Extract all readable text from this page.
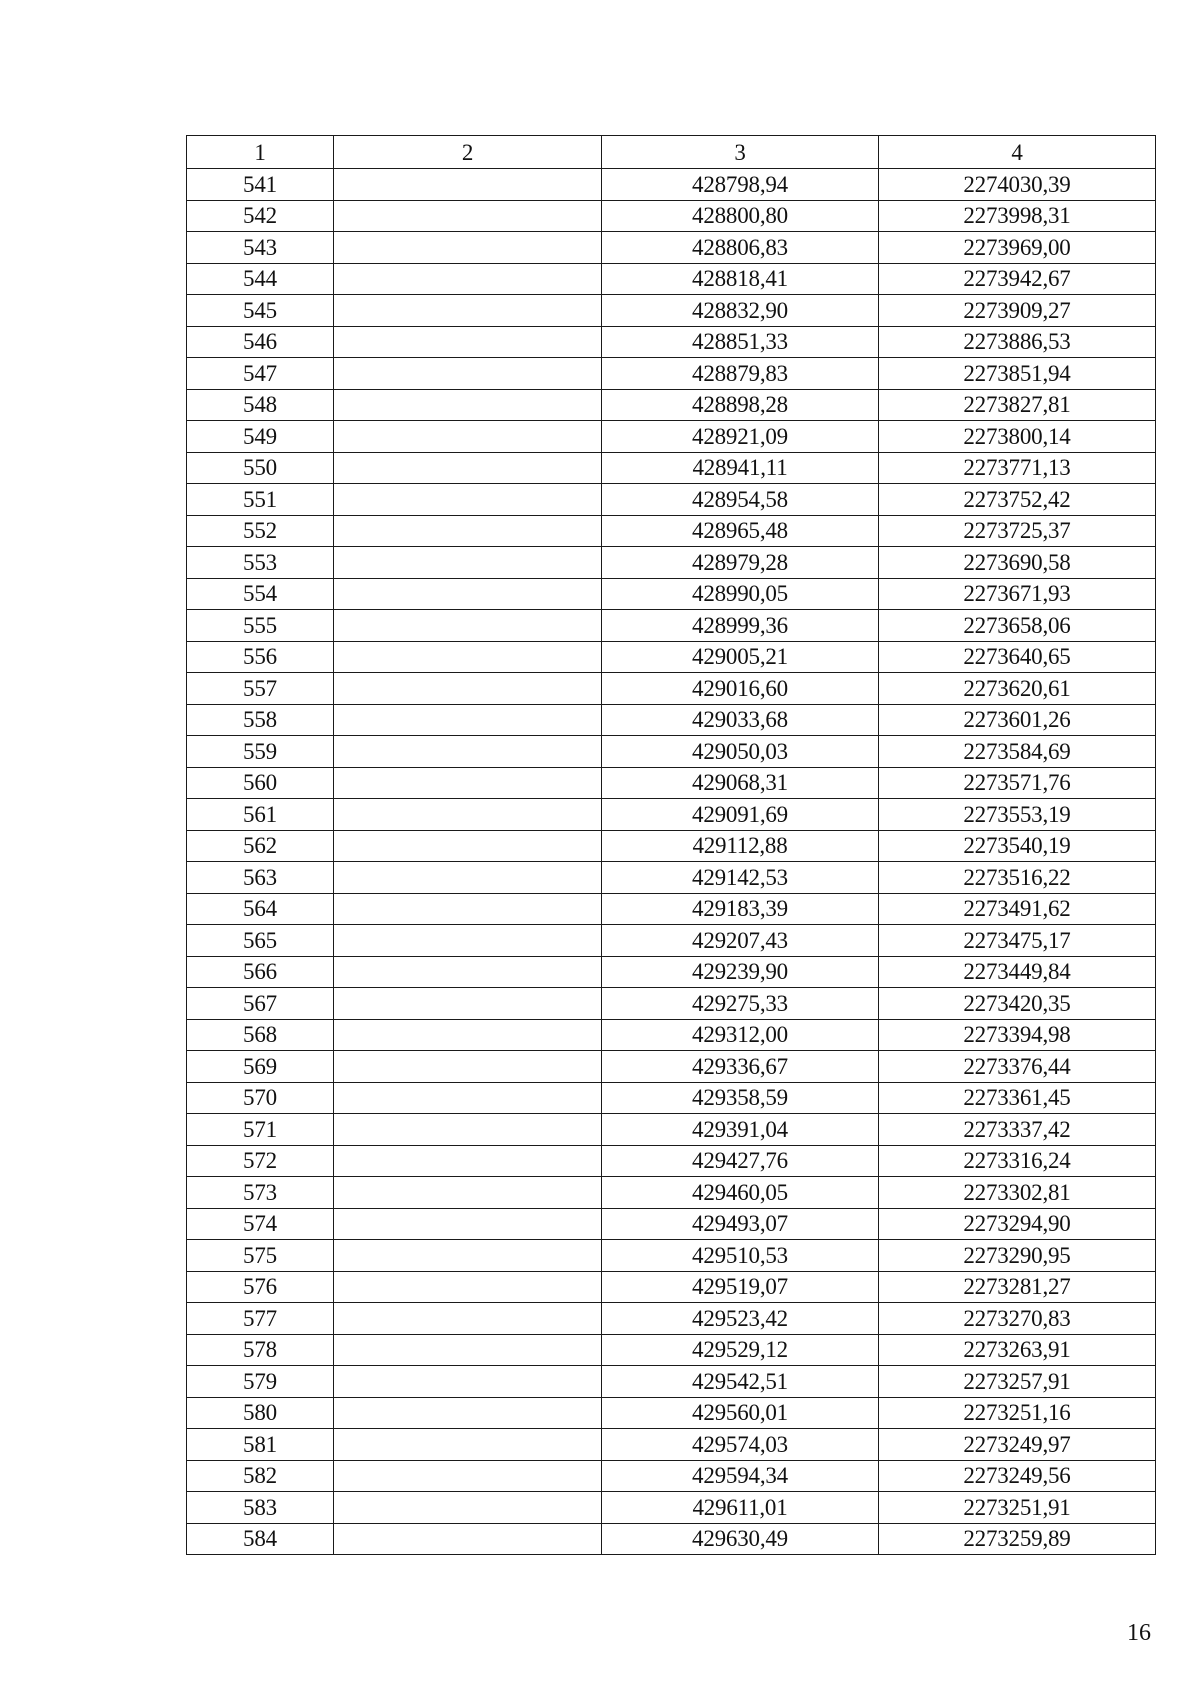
1	2	3	4
541		428798,94	2274030,39
542		428800,80	2273998,31
543		428806,83	2273969,00
544		428818,41	2273942,67
545		428832,90	2273909,27
546		428851,33	2273886,53
547		428879,83	2273851,94
548		428898,28	2273827,81
549		428921,09	2273800,14
550		428941,11	2273771,13
551		428954,58	2273752,42
552		428965,48	2273725,37
553		428979,28	2273690,58
554		428990,05	2273671,93
555		428999,36	2273658,06
556		429005,21	2273640,65
557		429016,60	2273620,61
558		429033,68	2273601,26
559		429050,03	2273584,69
560		429068,31	2273571,76
561		429091,69	2273553,19
562		429112,88	2273540,19
563		429142,53	2273516,22
564		429183,39	2273491,62
565		429207,43	2273475,17
566		429239,90	2273449,84
567		429275,33	2273420,35
568		429312,00	2273394,98
569		429336,67	2273376,44
570		429358,59	2273361,45
571		429391,04	2273337,42
572		429427,76	2273316,24
573		429460,05	2273302,81
574		429493,07	2273294,90
575		429510,53	2273290,95
576		429519,07	2273281,27
577		429523,42	2273270,83
578		429529,12	2273263,91
579		429542,51	2273257,91
580		429560,01	2273251,16
581		429574,03	2273249,97
582		429594,34	2273249,56
583		429611,01	2273251,91
584		429630,49	2273259,89
16
